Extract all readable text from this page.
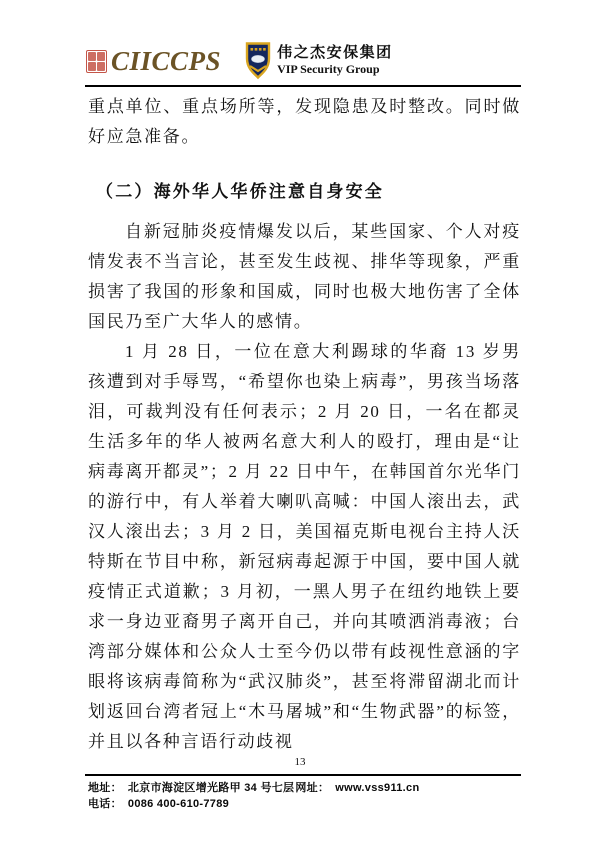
CIICCPS	伟之杰安保集团
VIP Security Group

重点单位、重点场所等，发现隐患及时整改。同时做好应急准备。

（二）海外华人华侨注意自身安全

自新冠肺炎疫情爆发以后，某些国家、个人对疫情发表不当言论，甚至发生歧视、排华等现象，严重损害了我国的形象和国威，同时也极大地伤害了全体国民乃至广大华人的感情。

1 月 28 日，一位在意大利踢球的华裔 13 岁男孩遭到对手辱骂，“希望你也染上病毒”，男孩当场落泪，可裁判没有任何表示；2 月 20 日，一名在都灵生活多年的华人被两名意大利人的殴打，理由是“让病毒离开都灵”；2 月 22 日中午，在韩国首尔光华门的游行中，有人举着大喇叭高喊：中国人滚出去，武汉人滚出去；3 月 2 日，美国福克斯电视台主持人沃特斯在节目中称，新冠病毒起源于中国，要中国人就疫情正式道歉；3 月初，一黑人男子在纽约地铁上要求一身边亚裔男子离开自己，并向其喷洒消毒液；台湾部分媒体和公众人士至今仍以带有歧视性意涵的字眼将该病毒简称为“武汉肺炎”，甚至将滞留湖北而计划返回台湾者冠上“木马屠城”和“生物武器”的标签，并且以各种言语行动歧视

13
地址： 北京市海淀区增光路甲 34 号七层 网址： www.vss911.cn
电话： 0086 400-610-7789
